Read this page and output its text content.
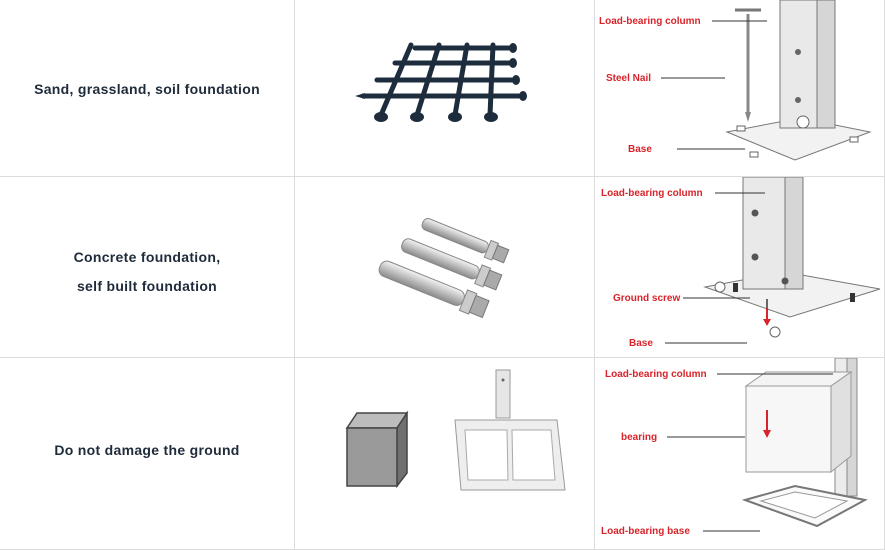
Sand, grassland, soil foundation
Load-bearing column
Steel Nail
Base
Concrete foundation,
self built foundation
Load-bearing column
Ground screw
Base
Do not damage the ground
Load-bearing column
bearing
Load-bearing base
